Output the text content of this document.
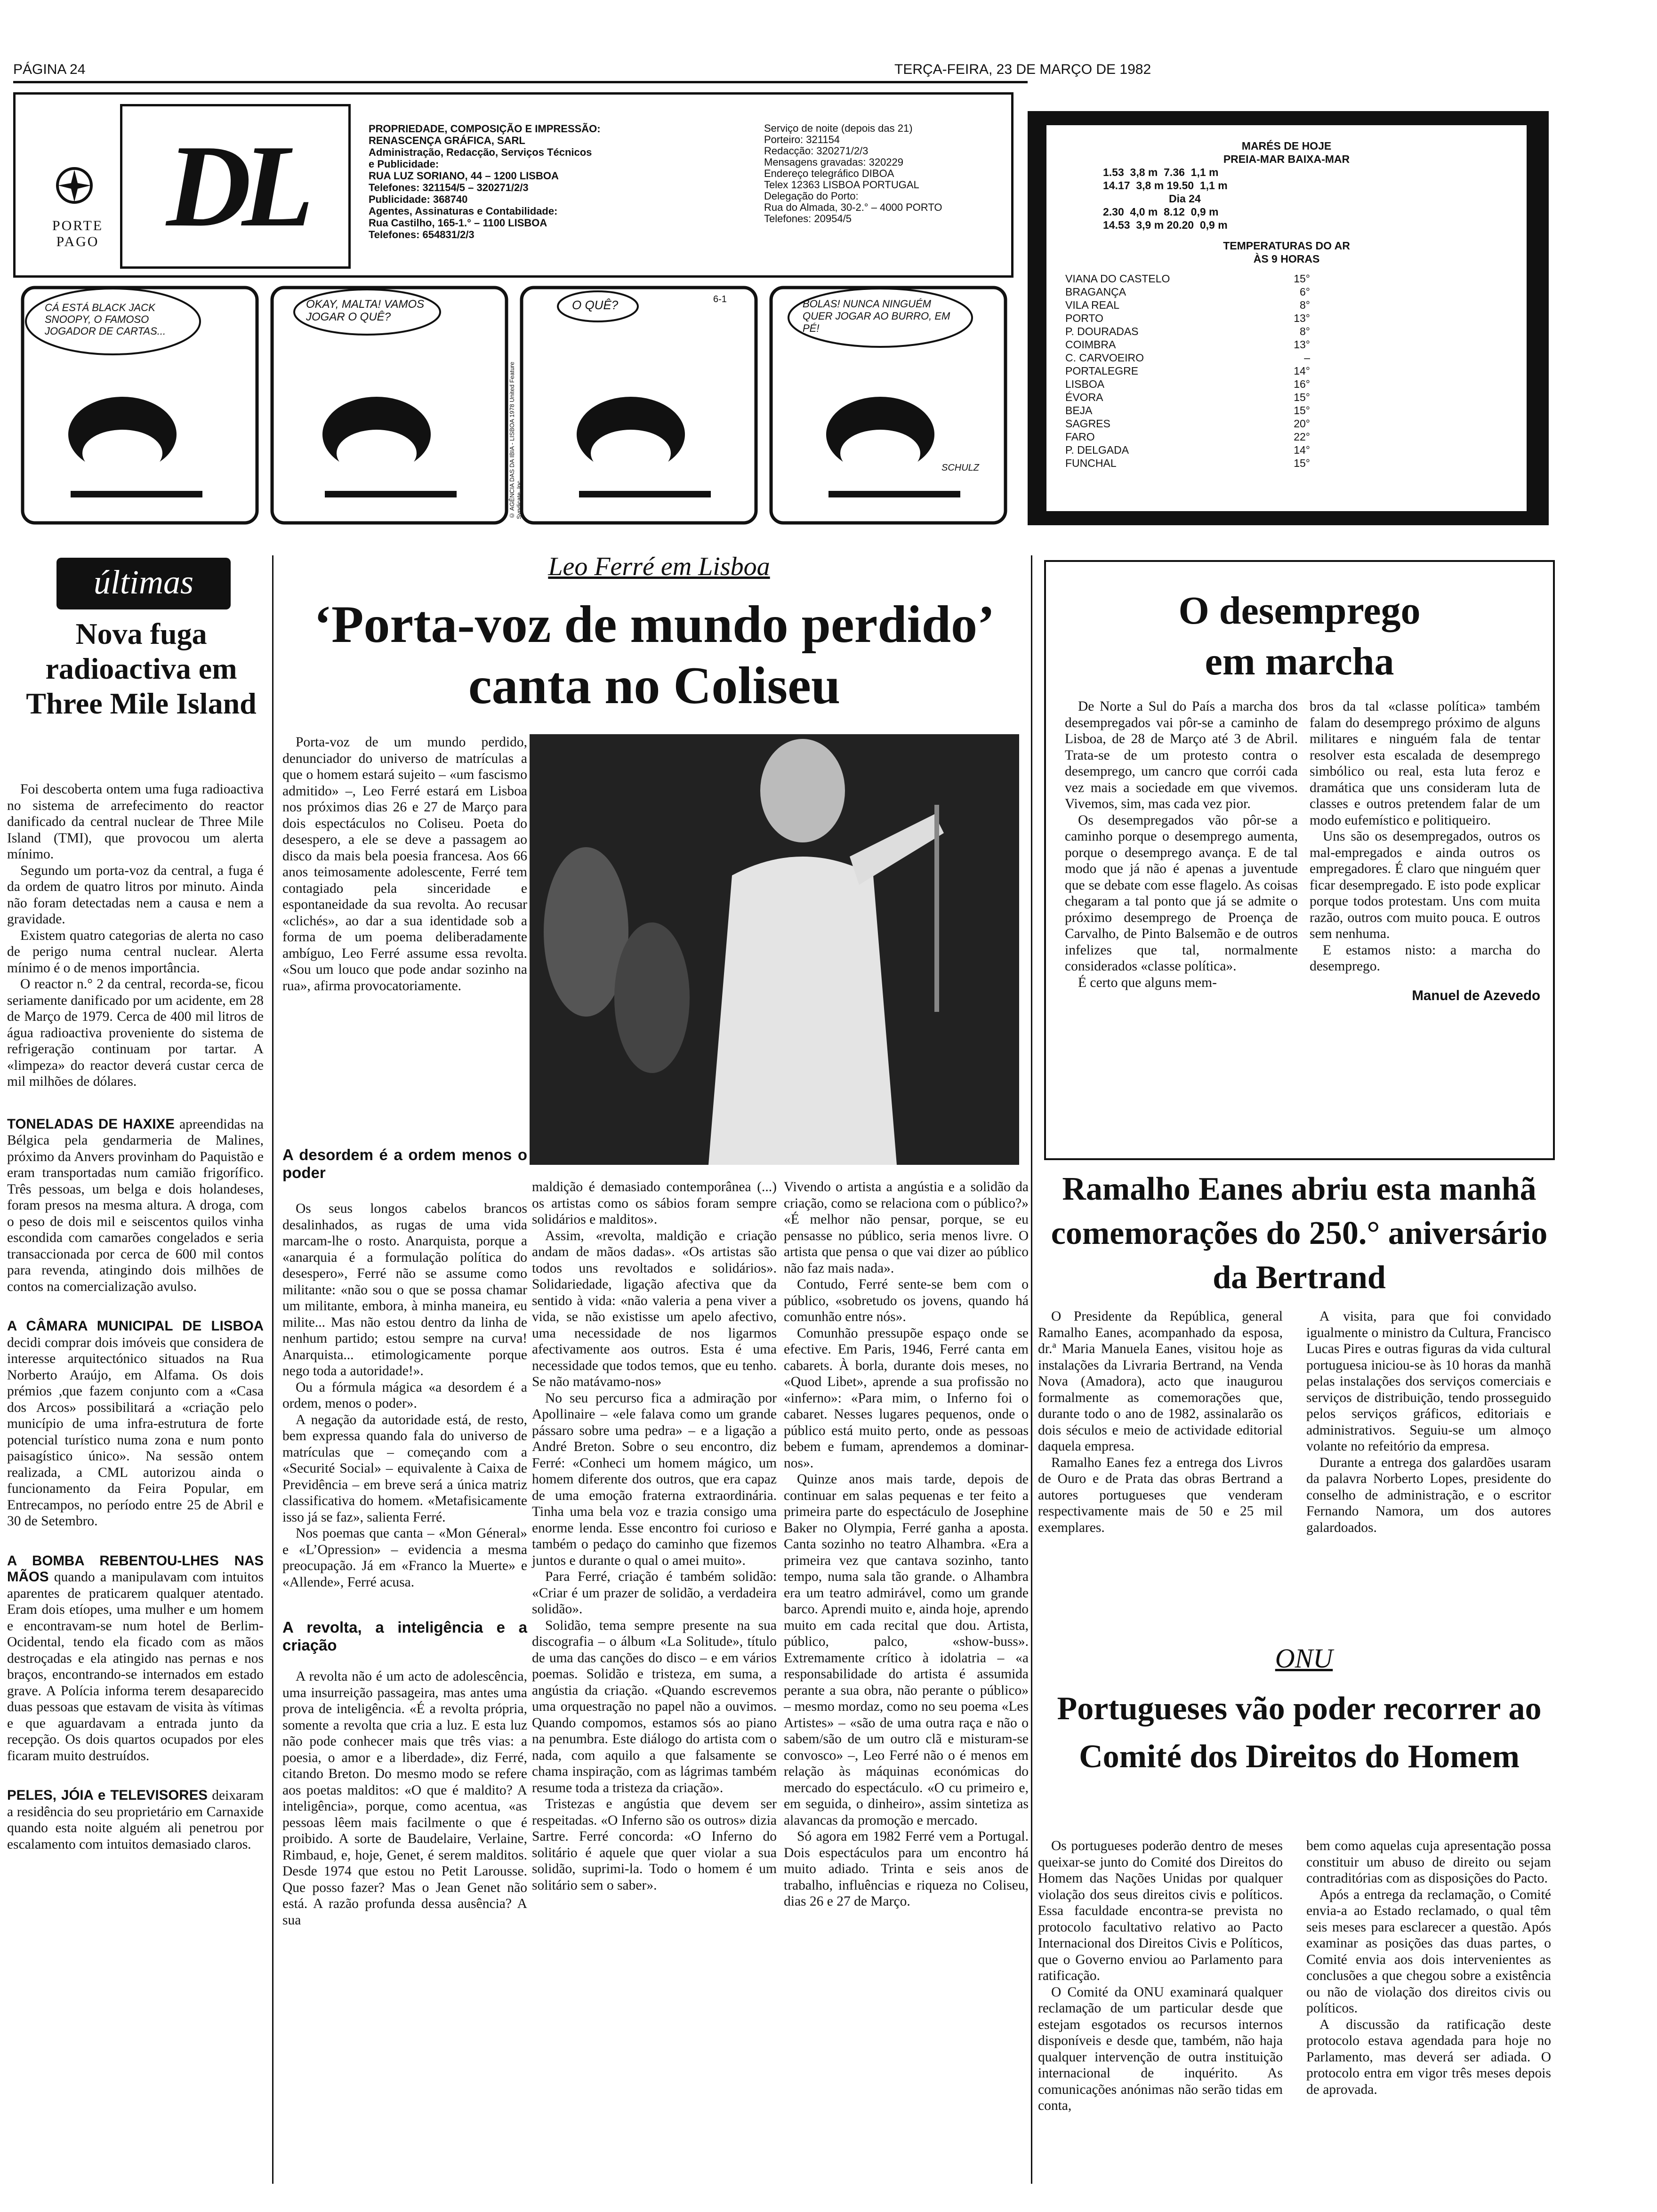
PÁGINA 24	TERÇA-FEIRA, 23 DE MARÇO DE 1982
PORTE
PAGO DL	PROPRIEDADE, COMPOSIÇÃO E IMPRESSÃO:
RENASCENÇA GRÁFICA, SARL
Administração, Redacção, Serviços Técnicos
e Publicidade:
RUA LUZ SORIANO, 44 – 1200 LISBOA
Telefones: 321154/5 – 320271/2/3
Publicidade: 368740
Agentes, Assinaturas e Contabilidade:
Rua Castilho, 165-1.° – 1100 LISBOA
Telefones: 654831/2/3
Serviço de noite (depois das 21)
Porteiro: 321154
Redacção: 320271/2/3
Mensagens gravadas: 320229
Endereço telegráfico DIBOA
Telex 12363 LISBOA PORTUGAL
Delegação do Porto:
Rua do Almada, 30-2.° – 4000 PORTO
Telefones: 20954/5
CÁ ESTÁ BLACK JACK SNOOPY, O FAMOSO JOGADOR DE CARTAS...
OKAY, MALTA! VAMOS JOGAR O QUÊ?
O QUÊ?	6-1	BOLAS! NUNCA NINGUÉM QUER JOGAR AO BURRO, EM PÉ!
SCHULZ
© AGÊNCIA DAS DA IBIA - LISBOA 1978 United Feature Syndicate, Inc
MARÉS DE HOJE
PREIA-MAR BAIXA-MAR
1.53  3,8 m  7.36  1,1 m
14.17  3,8 m 19.50  1,1 m
Dia 24
2.30  4,0 m  8.12  0,9 m
14.53  3,9 m 20.20  0,9 m
TEMPERATURAS DO AR
ÀS 9 HORAS
VIANA DO CASTELO	15°
BRAGANÇA	6°
VILA REAL	8°
PORTO	13°
P. DOURADAS	8°
COIMBRA	13°
C. CARVOEIRO	–
PORTALEGRE	14°
LISBOA	16°
ÉVORA	15°
BEJA	15°
SAGRES	20°
FARO	22°
P. DELGADA	14°
FUNCHAL	15°
últimas
Nova fuga radioactiva em Three Mile Island

Foi descoberta ontem uma fuga radioactiva no sistema de arrefecimento do reactor danificado da central nuclear de Three Mile Island (TMI), que provocou um alerta mínimo.

Segundo um porta-voz da central, a fuga é da ordem de quatro litros por minuto. Ainda não foram detectadas nem a causa e nem a gravidade.

Existem quatro categorias de alerta no caso de perigo numa central nuclear. Alerta mínimo é o de menos importância.

O reactor n.° 2 da central, recorda-se, ficou seriamente danificado por um acidente, em 28 de Março de 1979. Cerca de 400 mil litros de água radioactiva proveniente do sistema de refrigeração continuam por tartar. A «limpeza» do reactor deverá custar cerca de mil milhões de dólares.

TONELADAS DE HAXIXE apreendidas na Bélgica pela gendarmeria de Malines, próximo da Anvers provinham do Paquistão e eram transportadas num camião frigorífico. Três pessoas, um belga e dois holandeses, foram presos na mesma altura. A droga, com o peso de dois mil e seiscentos quilos vinha escondida com camarões congelados e seria transaccionada por cerca de 600 mil contos para revenda, atingindo dois milhões de contos na comercialização avulso.

A CÂMARA MUNICIPAL DE LISBOA decidi comprar dois imóveis que considera de interesse arquitectónico situados na Rua Norberto Araújo, em Alfama. Os dois prémios ,que fazem conjunto com a «Casa dos Arcos» possibilitará a «criação pelo município de uma infra-estrutura de forte potencial turístico numa zona e num ponto paisagístico único». Na sessão ontem realizada, a CML autorizou ainda o funcionamento da Feira Popular, em Entrecampos, no período entre 25 de Abril e 30 de Setembro.

A BOMBA REBENTOU-LHES NAS MÃOS quando a manipulavam com intuitos aparentes de praticarem qualquer atentado. Eram dois etíopes, uma mulher e um homem e encontravam-se num hotel de Berlim-Ocidental, tendo ela ficado com as mãos destroçadas e ela atingido nas pernas e nos braços, encontrando-se internados em estado grave. A Polícia informa terem desaparecido duas pessoas que estavam de visita às vítimas e que aguardavam a entrada junto da recepção. Os dois quartos ocupados por eles ficaram muito destruídos.

PELES, JÓIA e TELEVISORES deixaram a residência do seu proprietário em Carnaxide quando esta noite alguém ali penetrou por escalamento com intuitos demasiado claros.

Leo Ferré em Lisboa
‘Porta-voz de mundo perdido’ canta no Coliseu

Porta-voz de um mundo perdido, denunciador do universo de matrículas a que o homem estará sujeito – «um fascismo admitido» –, Leo Ferré estará em Lisboa nos próximos dias 26 e 27 de Março para dois espectáculos no Coliseu. Poeta do desespero, a ele se deve a passagem ao disco da mais bela poesia francesa. Aos 66 anos teimosamente adolescente, Ferré tem contagiado pela sinceridade e espontaneidade da sua revolta. Ao recusar «clichés», ao dar a sua identidade sob a forma de um poema deliberadamente ambíguo, Leo Ferré assume essa revolta. «Sou um louco que pode andar sozinho na rua», afirma provocatoriamente.

A desordem é a ordem menos o poder

Os seus longos cabelos brancos desalinhados, as rugas de uma vida marcam-lhe o rosto. Anarquista, porque a «anarquia é a formulação política do desespero», Ferré não se assume como militante: «não sou o que se possa chamar um militante, embora, à minha maneira, eu milite... Mas não estou dentro da linha de nenhum partido; estou sempre na curva! Anarquista... etimologicamente porque nego toda a autoridade!».

Ou a fórmula mágica «a desordem é a ordem, menos o poder».

A negação da autoridade está, de resto, bem expressa quando fala do universo de matrículas que – começando com a «Securité Social» – equivalente à Caixa de Previdência – em breve será a única matriz classificativa do homem. «Metafisicamente isso já se faz», salienta Ferré.

Nos poemas que canta – «Mon Géneral» e «L’Opression» – evidencia a mesma preocupação. Já em «Franco la Muerte» e «Allende», Ferré acusa.

A revolta, a inteligência e a criação

A revolta não é um acto de adolescência, uma insurreição passageira, mas antes uma prova de inteligência. «É a revolta própria, somente a revolta que cria a luz. E esta luz não pode conhecer mais que três vias: a poesia, o amor e a liberdade», diz Ferré, citando Breton. Do mesmo modo se refere aos poetas malditos: «O que é maldito? A inteligência», porque, como acentua, «as pessoas lêem mais facilmente o que é proibido. A sorte de Baudelaire, Verlaine, Rimbaud, e, hoje, Genet, é serem malditos. Desde 1974 que estou no Petit Larousse. Que posso fazer? Mas o Jean Genet não está. A razão profunda dessa ausência? A sua

maldição é demasiado contemporânea (...) os artistas como os sábios foram sempre solidários e malditos».

Assim, «revolta, maldição e criação andam de mãos dadas». «Os artistas são todos uns revoltados e solidários». Solidariedade, ligação afectiva que da sentido à vida: «não valeria a pena viver a vida, se não existisse um apelo afectivo, uma necessidade de nos ligarmos afectivamente aos outros. Esta é uma necessidade que todos temos, que eu tenho. Se não matávamo-nos»

No seu percurso fica a admiração por Apollinaire – «ele falava como um grande pássaro sobre uma pedra» – e a ligação a André Breton. Sobre o seu encontro, diz Ferré: «Conheci um homem mágico, um homem diferente dos outros, que era capaz de uma emoção fraterna extraordinária. Tinha uma bela voz e trazia consigo uma enorme lenda. Esse encontro foi curioso e também o pedaço do caminho que fizemos juntos e durante o qual o amei muito».

Para Ferré, criação é também solidão: «Criar é um prazer de solidão, a verdadeira solidão».

Solidão, tema sempre presente na sua discografia – o álbum «La Solitude», título de uma das canções do disco – e em vários poemas. Solidão e tristeza, em suma, a angústia da criação. «Quando escrevemos uma orquestração no papel não a ouvimos. Quando compomos, estamos sós ao piano na penumbra. Este diálogo do artista com o nada, com aquilo a que falsamente se chama inspiração, com as lágrimas também resume toda a tristeza da criação».

Tristezas e angústia que devem ser respeitadas. «O Inferno são os outros» dizia Sartre. Ferré concorda: «O Inferno do solitário é aquele que quer violar a sua solidão, suprimi-la. Todo o homem é um solitário sem o saber».

Vivendo o artista a angústia e a solidão da criação, como se relaciona com o público?» «É melhor não pensar, porque, se eu pensasse no público, seria menos livre. O artista que pensa o que vai dizer ao público não faz mais nada».

Contudo, Ferré sente-se bem com o público, «sobretudo os jovens, quando há comunhão entre nós».

Comunhão pressupõe espaço onde se efective. Em Paris, 1946, Ferré canta em cabarets. À borla, durante dois meses, no «Quod Libet», aprende a sua profissão no «inferno»: «Para mim, o Inferno foi o cabaret. Nesses lugares pequenos, onde o público está muito perto, onde as pessoas bebem e fumam, aprendemos a dominar-nos».

Quinze anos mais tarde, depois de continuar em salas pequenas e ter feito a primeira parte do espectáculo de Josephine Baker no Olympia, Ferré ganha a aposta. Canta sozinho no teatro Alhambra. «Era a primeira vez que cantava sozinho, tanto tempo, numa sala tão grande. o Alhambra era um teatro admirável, como um grande barco. Aprendi muito e, ainda hoje, aprendo muito em cada recital que dou. Artista, público, palco, «show-buss». Extremamente crítico à idolatria – «a responsabilidade do artista é assumida perante a sua obra, não perante o público» – mesmo mordaz, como no seu poema «Les Artistes» – «são de uma outra raça e não o sabem/são de um outro clã e misturam-se convosco» –, Leo Ferré não o é menos em relação às máquinas económicas do mercado do espectáculo. «O cu primeiro e, em seguida, o dinheiro», assim sintetiza as alavancas da promoção e mercado.

Só agora em 1982 Ferré vem a Portugal. Dois espectáculos para um encontro há muito adiado. Trinta e seis anos de trabalho, influências e riqueza no Coliseu, dias 26 e 27 de Março.

O desemprego em marcha

De Norte a Sul do País a marcha dos desempregados vai pôr-se a caminho de Lisboa, de 28 de Março até 3 de Abril. Trata-se de um protesto contra o desemprego, um cancro que corrói cada vez mais a sociedade em que vivemos. Vivemos, sim, mas cada vez pior.

Os desempregados vão pôr-se a caminho porque o desemprego aumenta, porque o desemprego avança. E de tal modo que já não é apenas a juventude que se debate com esse flagelo. As coisas chegaram a tal ponto que já se admite o próximo desemprego de Proença de Carvalho, de Pinto Balsemão e de outros infelizes que tal, normalmente considerados «classe política».

É certo que alguns mem-

bros da tal «classe política» também falam do desemprego próximo de alguns militares e ninguém fala de tentar resolver esta escalada de desemprego simbólico ou real, esta luta feroz e dramática que uns consideram luta de classes e outros pretendem falar de um modo eufemístico e politiqueiro.

Uns são os desempregados, outros os mal-empregados e ainda outros os empregadores. É claro que ninguém quer ficar desempregado. E isto pode explicar porque todos protestam. Uns com muita razão, outros com muito pouca. E outros sem nenhuma.

E estamos nisto: a marcha do desemprego.

Manuel de Azevedo
Ramalho Eanes abriu esta manhã comemorações do 250.° aniversário da Bertrand

O Presidente da República, general Ramalho Eanes, acompanhado da esposa, dr.ª Maria Manuela Eanes, visitou hoje as instalações da Livraria Bertrand, na Venda Nova (Amadora), acto que inaugurou formalmente as comemorações que, durante todo o ano de 1982, assinalarão os dois séculos e meio de actividade editorial daquela empresa.

Ramalho Eanes fez a entrega dos Livros de Ouro e de Prata das obras Bertrand a autores portugueses que venderam respectivamente mais de 50 e 25 mil exemplares.

A visita, para que foi convidado igualmente o ministro da Cultura, Francisco Lucas Pires e outras figuras da vida cultural portuguesa iniciou-se às 10 horas da manhã pelas instalações dos serviços comerciais e serviços de distribuição, tendo prosseguido pelos serviços gráficos, editoriais e administrativos. Seguiu-se um almoço volante no refeitório da empresa.

Durante a entrega dos galardões usaram da palavra Norberto Lopes, presidente do conselho de administração, e o escritor Fernando Namora, um dos autores galardoados.

ONU
Portugueses vão poder recorrer ao Comité dos Direitos do Homem

Os portugueses poderão dentro de meses queixar-se junto do Comité dos Direitos do Homem das Nações Unidas por qualquer violação dos seus direitos civis e políticos. Essa faculdade encontra-se prevista no protocolo facultativo relativo ao Pacto Internacional dos Direitos Civis e Políticos, que o Governo enviou ao Parlamento para ratificação.

O Comité da ONU examinará qualquer reclamação de um particular desde que estejam esgotados os recursos internos disponíveis e desde que, também, não haja qualquer intervenção de outra instituição internacional de inquérito. As comunicações anónimas não serão tidas em conta,

bem como aquelas cuja apresentação possa constituir um abuso de direito ou sejam contraditórias com as disposições do Pacto.

Após a entrega da reclamação, o Comité envia-a ao Estado reclamado, o qual têm seis meses para esclarecer a questão. Após examinar as posições das duas partes, o Comité envia aos dois intervenientes as conclusões a que chegou sobre a existência ou não de violação dos direitos civis ou políticos.

A discussão da ratificação deste protocolo estava agendada para hoje no Parlamento, mas deverá ser adiada. O protocolo entra em vigor três meses depois de aprovada.
